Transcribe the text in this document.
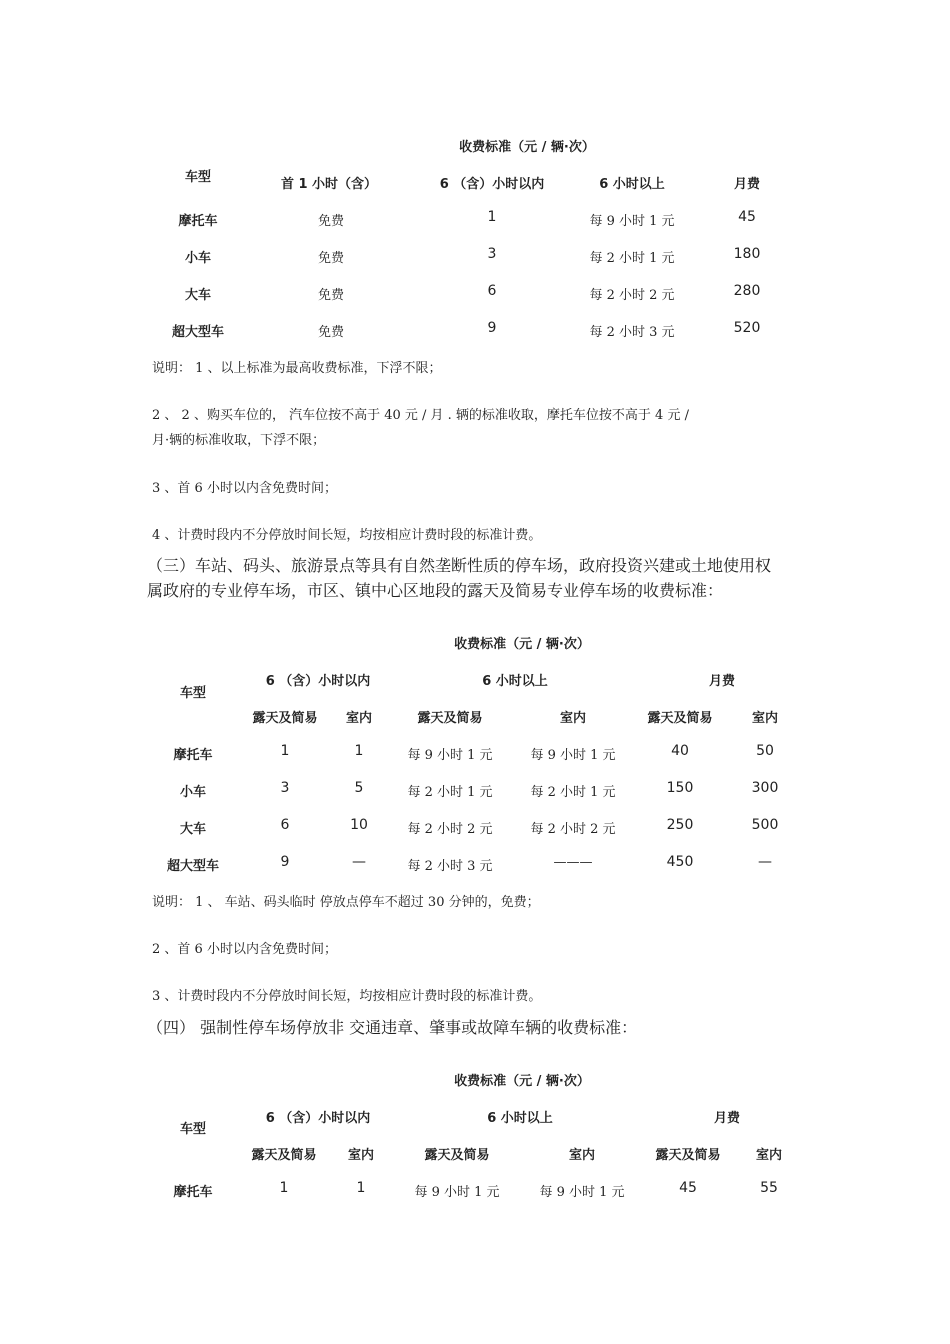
收费标准（元 / 辆·次）
车型	首 1 小时（含）	6 （含）小时以内	6 小时以上	月费
摩托车	免费	1	每 9 小时 1 元	45
小车	免费	3	每 2 小时 1 元	180
大车	免费	6	每 2 小时 2 元	280
超大型车	免费	9	每 2 小时 3 元	520
说明： 1 、以上标准为最高收费标准，下浮不限；
2 、 2 、购买车位的， 汽车位按不高于 40 元 / 月 . 辆的标准收取，摩托车位按不高于 4 元 /
月·辆的标准收取，下浮不限；
3 、首 6 小时以内含免费时间；
4 、计费时段内不分停放时间长短，均按相应计费时段的标准计费。
（三）车站、码头、旅游景点等具有自然垄断性质的停车场，政府投资兴建或土地使用权
属政府的专业停车场，市区、镇中心区地段的露天及简易专业停车场的收费标准：
收费标准（元 / 辆·次）
车型
6 （含）小时以内	6 小时以上	月费
露天及简易 室内	露天及简易	室内	露天及简易	室内
摩托车	1	1	每 9 小时 1 元	每 9 小时 1 元	40	50
小车	3	5	每 2 小时 1 元	每 2 小时 1 元	150	300
大车	6	10	每 2 小时 2 元	每 2 小时 2 元	250	500
超大型车	9	—	每 2 小时 3 元	———	450	—
说明： 1 、 车站、码头临时 停放点停车不超过 30 分钟的，免费；
2 、首 6 小时以内含免费时间；
3 、计费时段内不分停放时间长短，均按相应计费时段的标准计费。
（四） 强制性停车场停放非 交通违章、肇事或故障车辆的收费标准：
收费标准（元 / 辆·次）
车型
6 （含）小时以内	6 小时以上	月费
露天及简易 室内	露天及简易	室内	露天及简易	室内
摩托车	1	1	每 9 小时 1 元	每 9 小时 1 元	45	55
